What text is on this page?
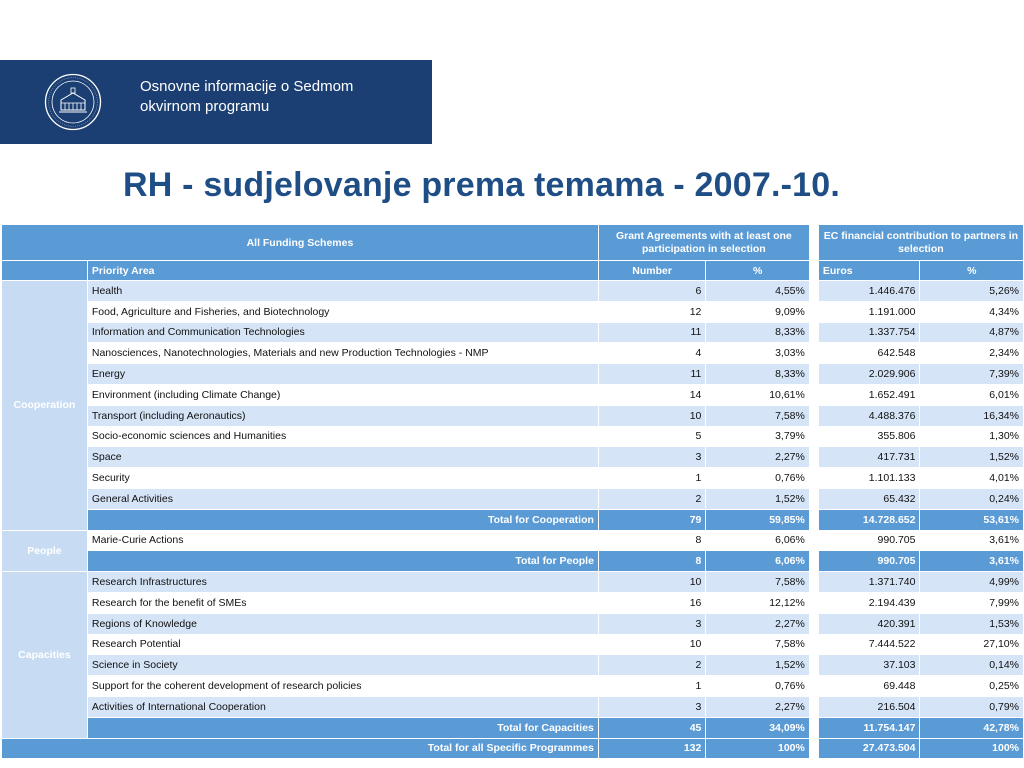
Osnovne informacije o Sedmom
okvirnom programu
RH - sudjelovanje prema temama - 2007.-10.
All Funding Schemes		Grant Agreements with at least one participation in selection			EC financial contribution to partners in selection	
	Priority Area	Number	%		Euros	%
Cooperation	Health	6	4,55%		1.446.476	5,26%
	Food, Agriculture and Fisheries, and Biotechnology	12	9,09%		1.191.000	4,34%
	Information and Communication Technologies	11	8,33%		1.337.754	4,87%
	Nanosciences, Nanotechnologies, Materials and new Production Technologies - NMP	4	3,03%		642.548	2,34%
	Energy	11	8,33%		2.029.906	7,39%
	Environment (including Climate Change)	14	10,61%		1.652.491	6,01%
	Transport (including Aeronautics)	10	7,58%		4.488.376	16,34%
	Socio-economic sciences and Humanities	5	3,79%		355.806	1,30%
	Space	3	2,27%		417.731	1,52%
	Security	1	0,76%		1.101.133	4,01%
	General Activities	2	1,52%		65.432	0,24%
	Total for Cooperation	79	59,85%		14.728.652	53,61%
People	Marie-Curie Actions	8	6,06%		990.705	3,61%
	Total for People	8	6,06%		990.705	3,61%
Capacities	Research Infrastructures	10	7,58%		1.371.740	4,99%
	Research for the benefit of SMEs	16	12,12%		2.194.439	7,99%
	Regions of Knowledge	3	2,27%		420.391	1,53%
	Research Potential	10	7,58%		7.444.522	27,10%
	Science in Society	2	1,52%		37.103	0,14%
	Support for the coherent development of research policies	1	0,76%		69.448	0,25%
	Activities of International Cooperation	3	2,27%		216.504	0,79%
	Total for Capacities	45	34,09%		11.754.147	42,78%
Total for all Specific Programmes		132	100%		27.473.504	100%
